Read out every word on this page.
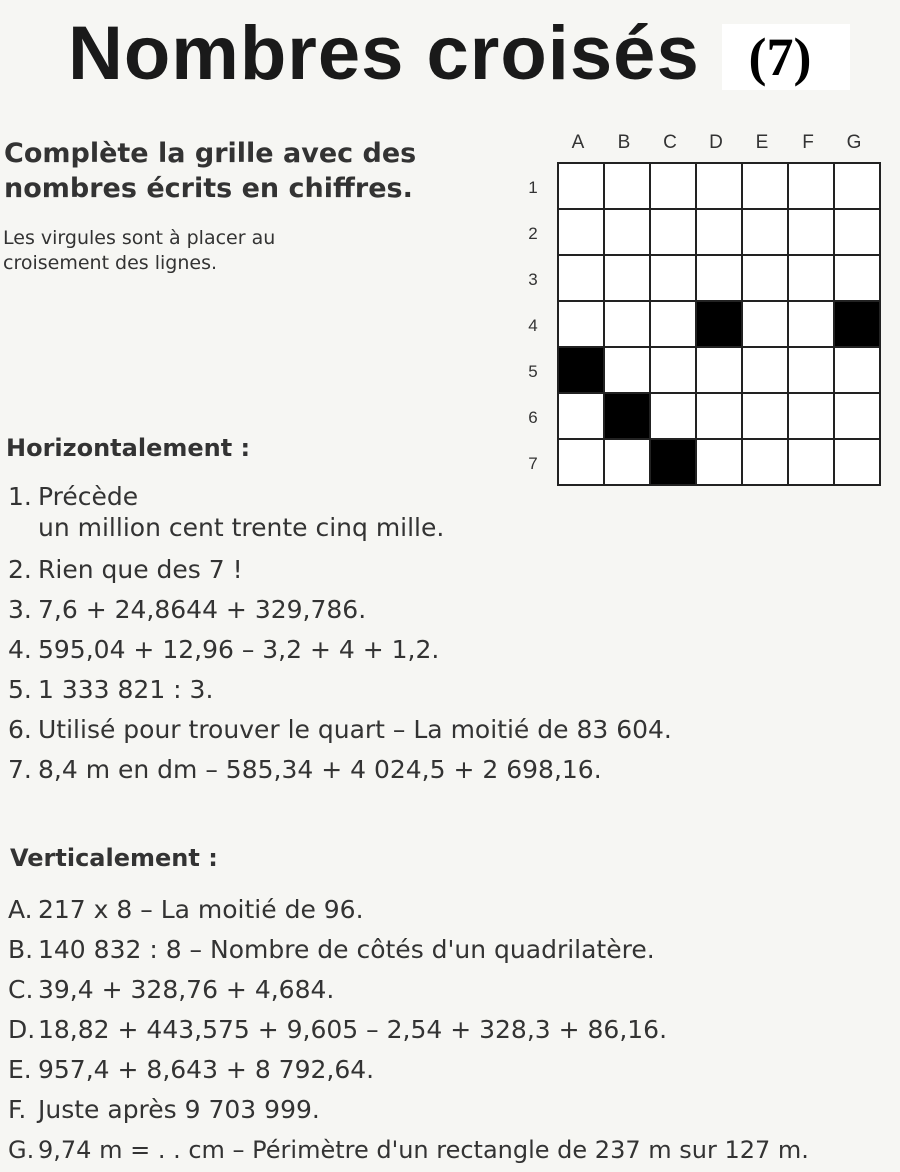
Nombres croisés (7)

Complète la grille avec des nombres écrits en chiffres.

Les virgules sont à placer au croisement des lignes.

A	B	C	D	E	F	G
1
2
3
4
5
6
7
Horizontalement :
1. Précède
un million cent trente cinq mille.
2. Rien que des 7 !
3. 7,6 + 24,8644 + 329,786.
4. 595,04 + 12,96 – 3,2 + 4 + 1,2.
5. 1 333 821 : 3.
6. Utilisé pour trouver le quart – La moitié de 83 604.
7. 8,4 m en dm – 585,34 + 4 024,5 + 2 698,16.
Verticalement :
A. 217 x 8 – La moitié de 96.
B. 140 832 : 8 – Nombre de côtés d'un quadrilatère.
C. 39,4 + 328,76 + 4,684.
D. 18,82 + 443,575 + 9,605 – 2,54 + 328,3 + 86,16.
E. 957,4 + 8,643 + 8 792,64.
F. Juste après 9 703 999.
G. 9,74 m = . . cm – Périmètre d'un rectangle de 237 m sur 127 m.
